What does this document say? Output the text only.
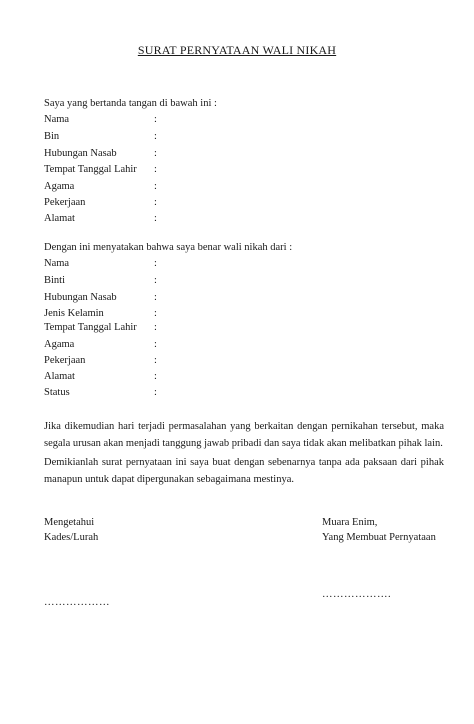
SURAT PERNYATAAN WALI NIKAH
Saya yang bertanda tangan di bawah ini :
Nama
Bin
Hubungan Nasab
Tempat Tanggal Lahir
Agama
Pekerjaan
Alamat
:
:
:
:
:
:
:
Dengan ini menyatakan bahwa saya benar wali nikah dari :
Nama
Binti
Hubungan Nasab
Jenis Kelamin
Tempat Tanggal Lahir
Agama
Pekerjaan
Alamat
Status
:
:
:
:
:
:
:
:
:
Jika dikemudian hari terjadi permasalahan yang berkaitan dengan pernikahan tersebut, maka segala urusan akan menjadi tanggung jawab pribadi dan saya tidak akan melibatkan pihak lain.
Demikianlah surat pernyataan ini saya buat dengan sebenarnya tanpa ada paksaan dari pihak manapun untuk dapat dipergunakan sebagaimana mestinya.
Mengetahui
Kades/Lurah
Muara Enim,
Yang Membuat Pernyataan
………………
……………….
